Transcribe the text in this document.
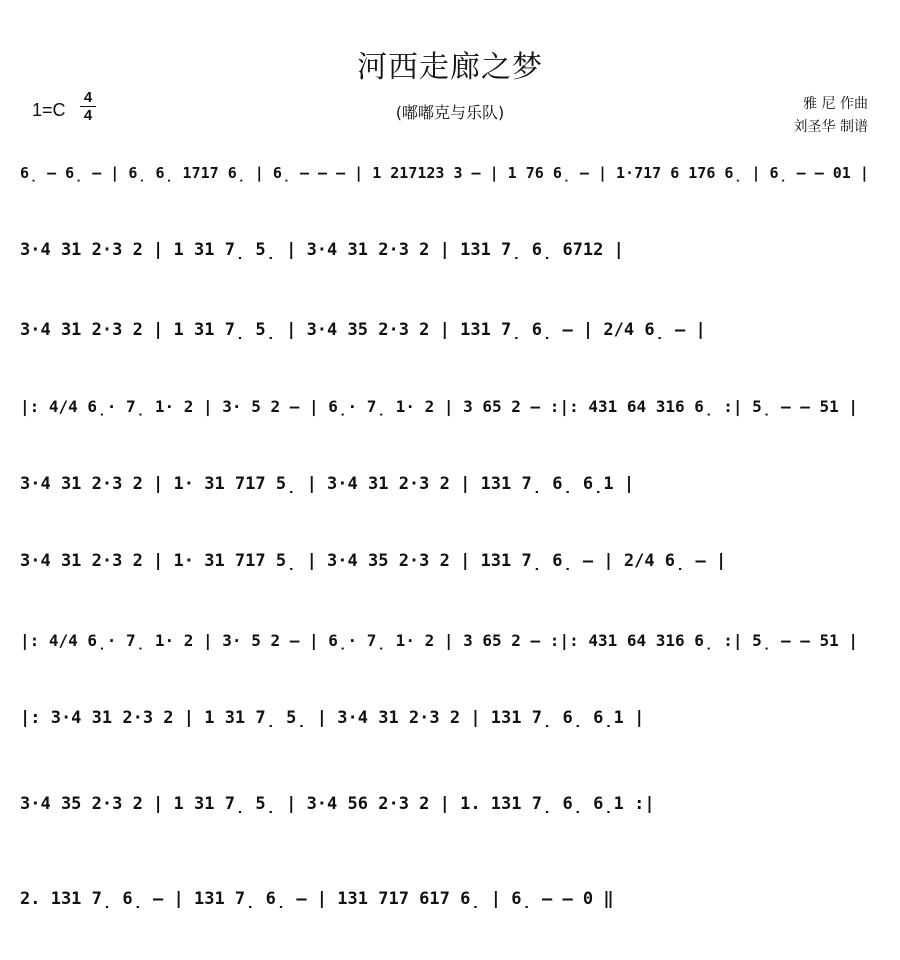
河西走廊之梦
(嘟嘟克与乐队)
1=C
4
4
雅 尼 作曲
刘圣华 制谱
6̣ – 6̣ – | 6̣ 6̣ 1717 6̣ | 6̣ – – – | 1 217123 3 – | 1 76 6̣ – | 1·717 6 176 6̣ | 6̣ – – 01 |
3·4 31 2·3 2 | 1 31 7̣ 5̣ | 3·4 31 2·3 2 | 131 7̣ 6̣ 6712 |
3·4 31 2·3 2 | 1 31 7̣ 5̣ | 3·4 35 2·3 2 | 131 7̣ 6̣ – | 2/4 6̣ – |
|: 4/4 6̣· 7̣ 1· 2 | 3· 5 2 – | 6̣· 7̣ 1· 2 | 3 65 2 – :|: 431 64 316 6̣ :| 5̣ – – 51 |
3·4 31 2·3 2 | 1· 31 717 5̣ | 3·4 31 2·3 2 | 131 7̣ 6̣ 6̣1 |
3·4 31 2·3 2 | 1· 31 717 5̣ | 3·4 35 2·3 2 | 131 7̣ 6̣ – | 2/4 6̣ – |
|: 4/4 6̣· 7̣ 1· 2 | 3· 5 2 – | 6̣· 7̣ 1· 2 | 3 65 2 – :|: 431 64 316 6̣ :| 5̣ – – 51 |
|: 3·4 31 2·3 2 | 1 31 7̣ 5̣ | 3·4 31 2·3 2 | 131 7̣ 6̣ 6̣1 |
3·4 35 2·3 2 | 1 31 7̣ 5̣ | 3·4 56 2·3 2 | 1. 131 7̣ 6̣ 6̣1 :|
2. 131 7̣ 6̣ – | 131 7̣ 6̣ – | 131 717 617 6̣ | 6̣ – – 0 ‖
